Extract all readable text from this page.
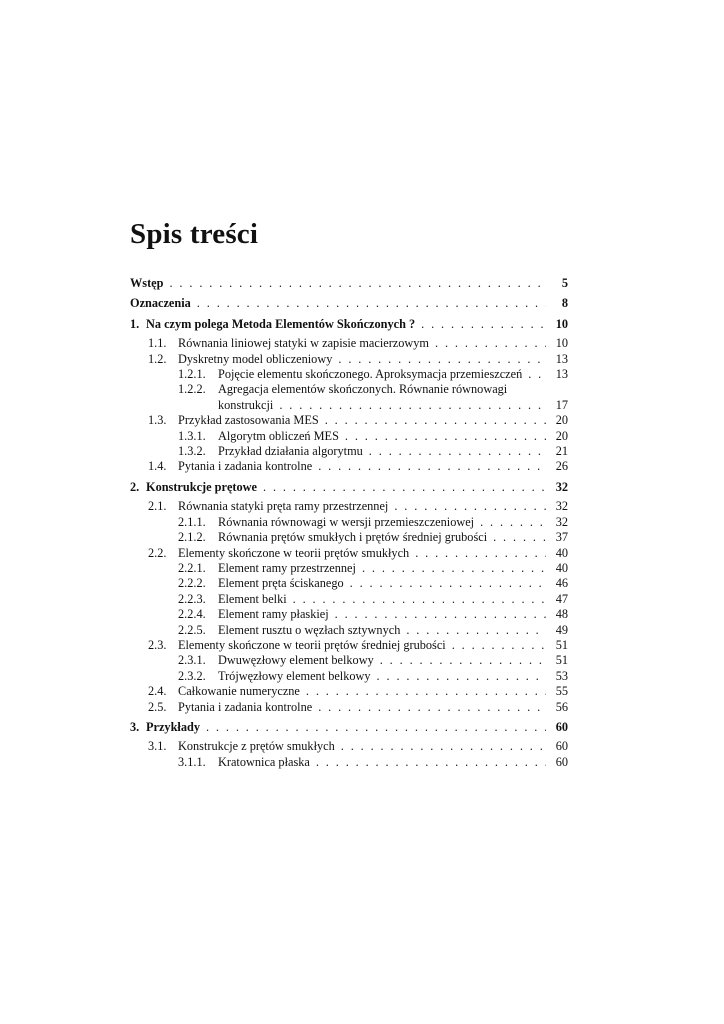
Spis treści
Wstęp . . .	5
Oznaczenia . . .	8
1. Na czym polega Metoda Elementów Skończonych ? . . .	10
1.1. Równania liniowej statyki w zapisie macierzowym . . .	10
1.2. Dyskretny model obliczeniowy . . .	13
1.2.1. Pojęcie elementu skończonego. Aproksymacja przemieszczeń . . .	13
1.2.2. Agregacja elementów skończonych. Równanie równowagi
konstrukcji . . .	17
1.3. Przykład zastosowania MES . . .	20
1.3.1. Algorytm obliczeń MES . . .	20
1.3.2. Przykład działania algorytmu . . .	21
1.4. Pytania i zadania kontrolne . . .	26
2. Konstrukcje prętowe . . .	32
2.1. Równania statyki pręta ramy przestrzennej . . .	32
2.1.1. Równania równowagi w wersji przemieszczeniowej . . .	32
2.1.2. Równania prętów smukłych i prętów średniej grubości . . .	37
2.2. Elementy skończone w teorii prętów smukłych . . .	40
2.2.1. Element ramy przestrzennej . . .	40
2.2.2. Element pręta ściskanego . . .	46
2.2.3. Element belki . . .	47
2.2.4. Element ramy płaskiej . . .	48
2.2.5. Element rusztu o węzłach sztywnych . . .	49
2.3. Elementy skończone w teorii prętów średniej grubości . . .	51
2.3.1. Dwuwęzłowy element belkowy . . .	51
2.3.2. Trójwęzłowy element belkowy . . .	53
2.4. Całkowanie numeryczne . . .	55
2.5. Pytania i zadania kontrolne . . .	56
3. Przykłady . . .	60
3.1. Konstrukcje z prętów smukłych . . .	60
3.1.1. Kratownica płaska . . .	60
